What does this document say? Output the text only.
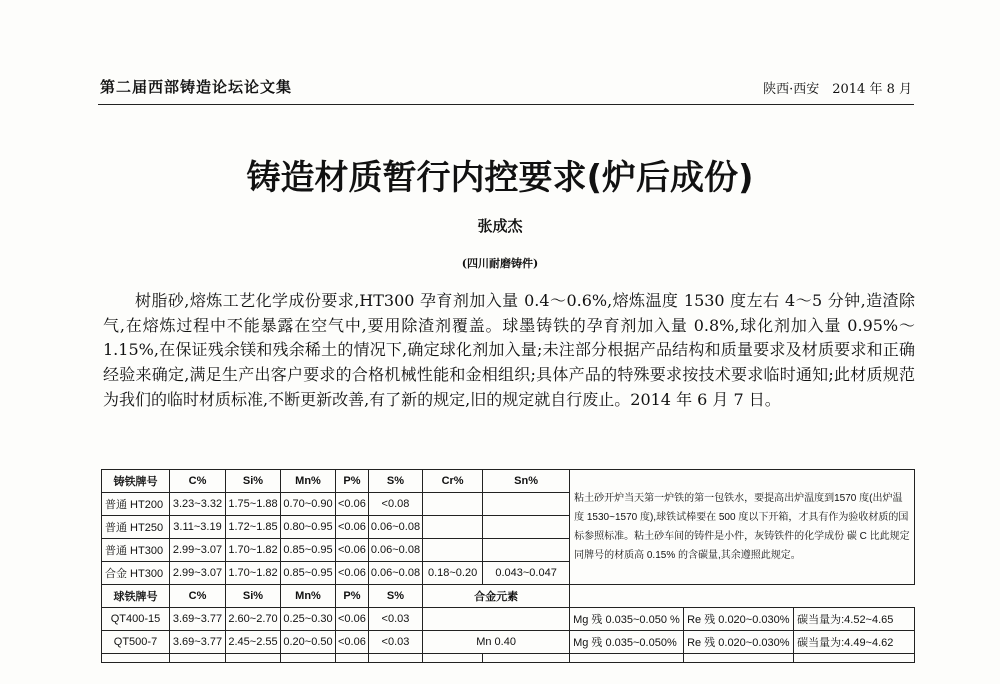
第二届西部铸造论坛论文集	陕西·西安　2014 年 8 月
铸造材质暂行内控要求(炉后成份)
张成杰
(四川耐磨铸件)

树脂砂,熔炼工艺化学成份要求,HT300 孕育剂加入量 0.4～0.6%,熔炼温度 1530 度左右 4～5 分钟,造渣除气,在熔炼过程中不能暴露在空气中,要用除渣剂覆盖。球墨铸铁的孕育剂加入量 0.8%,球化剂加入量 0.95%～1.15%,在保证残余镁和残余稀土的情况下,确定球化剂加入量;未注部分根据产品结构和质量要求及材质要求和正确经验来确定,满足生产出客户要求的合格机械性能和金相组织;具体产品的特殊要求按技术要求临时通知;此材质规范为我们的临时材质标准,不断更新改善,有了新的规定,旧的规定就自行废止。2014 年 6 月 7 日。

铸铁牌号	C%	Si%	Mn%	P%	S%	Cr%	Sn%	粘土砂开炉当天第一炉铁的第一包铁水，要提高出炉温度到1570 度(出炉温度 1530~1570 度),球铁试棒要在 500 度以下开箱，才具有作为验收材质的国标参照标准。粘土砂车间的铸件是小件，灰铸铁件的化学成份 碳 C 比此规定同牌号的材质高 0.15% 的含碳量,其余遵照此规定。		
普通 HT200	3.23~3.32	1.75~1.88	0.70~0.90	<0.06	<0.08					
普通 HT250	3.11~3.19	1.72~1.85	0.80~0.95	<0.06	0.06~0.08					
普通 HT300	2.99~3.07	1.70~1.82	0.85~0.95	<0.06	0.06~0.08					
合金 HT300	2.99~3.07	1.70~1.82	0.85~0.95	<0.06	0.06~0.08	0.18~0.20	0.043~0.047			
球铁牌号	C%	Si%	Mn%	P%	S%	合金元素				
QT400-15	3.69~3.77	2.60~2.70	0.25~0.30	<0.06	<0.03			Mg 残 0.035~0.050 %	Re 残 0.020~0.030%	碳当量为:4.52~4.65
QT500-7	3.69~3.77	2.45~2.55	0.20~0.50	<0.06	<0.03	Mn 0.40		Mg 残 0.035~0.050%	Re 残 0.020~0.030%	碳当量为:4.49~4.62
